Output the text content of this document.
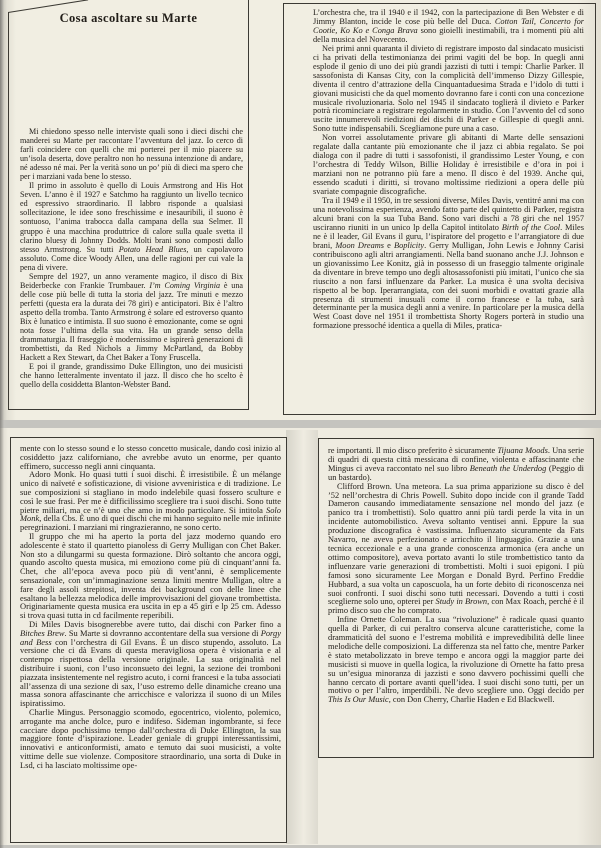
Cosa ascoltare su Marte

Mi chiedono spesso nelle interviste quali sono i dieci dischi che manderei su Marte per raccontare l’avventura del jazz. Io cerco di farli coincidere con quelli che mi porterei per il mio piacere su un’isola deserta, dove peraltro non ho nessuna intenzione di andare, né adesso né mai. Per la verità sono un po’ più di dieci ma spero che per i marziani vada bene lo stesso.

Il primo in assoluto è quello di Louis Armstrong and His Hot Seven. L’anno è il 1927 e Satchmo ha raggiunto un livello tecnico ed espressivo straordinario. Il labbro risponde a qualsiasi sollecitazione, le idee sono freschissime e inesauribili, il suono è sontuoso, l’anima trabocca dalla campana della sua Selmer. Il gruppo è una macchina produttrice di calore sulla quale svetta il clarino bluesy di Johnny Dodds. Molti brani sono composti dallo stesso Armstrong. Su tutti Potato Head Blues, un capolavoro assoluto. Come dice Woody Allen, una delle ragioni per cui vale la pena di vivere.

Sempre del 1927, un anno veramente magico, il disco di Bix Beiderbecke con Frankie Trumbauer. I’m Coming Virginia è una delle cose più belle di tutta la storia del jazz. Tre minuti e mezzo perfetti (questa era la durata dei 78 giri) e anticipatori. Bix è l’altro aspetto della tromba. Tanto Armstrong è solare ed estroverso quanto Bix è lunatico e intimista. Il suo suono è emozionante, come se ogni nota fosse l’ultima della sua vita. Ha un grande senso della drammaturgia. Il fraseggio è modernissimo e ispirerà generazioni di trombettisti, da Red Nichols a Jimmy McPartland, da Bobby Hackett a Rex Stewart, da Chet Baker a Tony Fruscella.

E poi il grande, grandissimo Duke Ellington, uno dei musicisti che hanno letteralmente inventato il jazz. Il disco che ho scelto è quello della cosiddetta Blanton-Webster Band.

L’orchestra che, tra il 1940 e il 1942, con la partecipazione di Ben Webster e di Jimmy Blanton, incide le cose più belle del Duca. Cotton Tail, Concerto for Cootie, Ko Ko e Conga Brava sono gioielli inestimabili, tra i momenti più alti della musica del Novecento.

Nei primi anni quaranta il divieto di registrare imposto dal sindacato musicisti ci ha privati della testimonianza dei primi vagiti del be bop. In quegli anni esplode il genio di uno dei più grandi jazzisti di tutti i tempi: Charlie Parker. Il sassofonista di Kansas City, con la complicità dell’immenso Dizzy Gillespie, diventa il centro d’attrazione della Cinquantaduesima Strada e l’idolo di tutti i giovani musicisti che da quel momento dovranno fare i conti con una concezione musicale rivoluzionaria. Solo nel 1945 il sindacato toglierà il divieto e Parker potrà ricominciare a registrare regolarmente in studio. Con l’avvento del cd sono uscite innumerevoli riedizioni dei dischi di Parker e Gillespie di quegli anni. Sono tutte indispensabili. Scegliamone pure una a caso.

Non vorrei assolutamente privare gli abitanti di Marte delle sensazioni regalate dalla cantante più emozionante che il jazz ci abbia regalato. Se poi dialoga con il padre di tutti i sassofonisti, il grandissimo Lester Young, e con l’orchestra di Teddy Wilson, Billie Holiday è irresistibile e d’ora in poi i marziani non ne potranno più fare a meno. Il disco è del 1939. Anche qui, essendo scaduti i diritti, si trovano moltissime riedizioni a opera delle più svariate compagnie discografiche.

Tra il 1949 e il 1950, in tre sessioni diverse, Miles Davis, ventitré anni ma con una notevolissima esperienza, avendo fatto parte del quintetto di Parker, registra alcuni brani con la sua Tuba Band. Sono vari dischi a 78 giri che nel 1957 usciranno riuniti in un unico lp della Capitol intitolato Birth of the Cool. Miles ne è il leader, Gil Evans il guru, l’ispiratore del progetto e l’arrangiatore di due brani, Moon Dreams e Boplicity. Gerry Mulligan, John Lewis e Johnny Carisi contribuiscono agli altri arrangiamenti. Nella band suonano anche J.J. Johnson e un giovanissimo Lee Konitz, già in possesso di un fraseggio talmente originale da diventare in breve tempo uno degli altosassofonisti più imitati, l’unico che sia riuscito a non farsi influenzare da Parker. La musica è una svolta decisiva rispetto al be bop. Iperarrangiata, con dei suoni morbidi e ovattati grazie alla presenza di strumenti inusuali come il corno francese e la tuba, sarà determinante per la musica degli anni a venire. In particolare per la musica della West Coast dove nel 1951 il trombettista Shorty Rogers porterà in studio una formazione pressoché identica a quella di Miles, pratica-

mente con lo stesso sound e lo stesso concetto musicale, dando così inizio al cosiddetto jazz californiano, che avrebbe avuto un enorme, per quanto effimero, successo negli anni cinquanta.

Adoro Monk. Ho quasi tutti i suoi dischi. È irresistibile. È un mélange unico di naïveté e sofisticazione, di visione avveniristica e di tradizione. Le sue composizioni si stagliano in modo indelebile quasi fossero sculture e così le sue frasi. Per me è difficilissimo scegliere tra i suoi dischi. Sono tutte pietre miliari, ma ce n’è uno che amo in modo particolare. Si intitola Solo Monk, della Cbs. È uno di quei dischi che mi hanno seguito nelle mie infinite peregrinazioni. I marziani mi ringrazieranno, ne sono certo.

Il gruppo che mi ha aperto la porta del jazz moderno quando ero adolescente è stato il quartetto pianoless di Gerry Mulligan con Chet Baker. Non sto a dilungarmi su questa formazione. Dirò soltanto che ancora oggi, quando ascolto questa musica, mi emoziono come più di cinquant’anni fa. Chet, che all’epoca aveva poco più di vent’anni, è semplicemente sensazionale, con un’immaginazione senza limiti mentre Mulligan, oltre a fare degli assoli strepitosi, inventa dei background con delle linee che esaltano la bellezza melodica delle improvvisazioni del giovane trombettista. Originariamente questa musica era uscita in ep a 45 giri e lp 25 cm. Adesso si trova quasi tutta in cd facilmente reperibili.

Di Miles Davis bisognerebbe avere tutto, dai dischi con Parker fino a Bitches Brew. Su Marte si dovranno accontentare della sua versione di Porgy and Bess con l’orchestra di Gil Evans. È un disco stupendo, assoluto. La versione che ci dà Evans di questa meravigliosa opera è visionaria e al contempo rispettosa della versione originale. La sua originalità nel distribuire i suoni, con l’uso inconsueto dei legni, la sezione dei tromboni piazzata insistentemente nel registro acuto, i corni francesi e la tuba associati all’assenza di una sezione di sax, l’uso estremo delle dinamiche creano una massa sonora affascinante che arricchisce e valorizza il suono di un Miles ispiratissimo.

Charlie Mingus. Personaggio scomodo, egocentrico, violento, polemico, arrogante ma anche dolce, puro e indifeso. Sideman ingombrante, si fece cacciare dopo pochissimo tempo dall’orchestra di Duke Ellington, la sua maggiore fonte d’ispirazione. Leader geniale di gruppi interessantissimi, innovativi e anticonformisti, amato e temuto dai suoi musicisti, a volte vittime delle sue violenze. Compositore straordinario, una sorta di Duke in Lsd, ci ha lasciato moltissime ope-

re importanti. Il mio disco preferito è sicuramente Tijuana Moods. Una serie di quadri di questa città messicana di confine, violenta e affascinante che Mingus ci aveva raccontato nel suo libro Beneath the Underdog (Peggio di un bastardo).

Clifford Brown. Una meteora. La sua prima apparizione su disco è del ’52 nell’orchestra di Chris Powell. Subito dopo incide con il grande Tadd Dameron causando immediatamente sensazione nel mondo del jazz (e panico tra i trombettisti). Solo quattro anni più tardi perde la vita in un incidente automobilistico. Aveva soltanto ventisei anni. Eppure la sua produzione discografica è vastissima. Influenzato sicuramente da Fats Navarro, ne aveva perfezionato e arricchito il linguaggio. Grazie a una tecnica eccezionale e a una grande conoscenza armonica (era anche un ottimo compositore), aveva portato avanti lo stile trombettistico tanto da influenzare varie generazioni di trombettisti. Molti i suoi epigoni. I più famosi sono sicuramente Lee Morgan e Donald Byrd. Perfino Freddie Hubbard, a sua volta un caposcuola, ha un forte debito di riconoscenza nei suoi confronti. I suoi dischi sono tutti necessari. Dovendo a tutti i costi sceglierne solo uno, opterei per Study in Brown, con Max Roach, perché è il primo disco suo che ho comprato.

Infine Ornette Coleman. La sua “rivoluzione” è radicale quasi quanto quella di Parker, di cui peraltro conserva alcune caratteristiche, come la drammaticità del suono e l’estrema mobilità e imprevedibilità delle linee melodiche delle composizioni. La differenza sta nel fatto che, mentre Parker è stato metabolizzato in breve tempo e ancora oggi la maggior parte dei musicisti si muove in quella logica, la rivoluzione di Ornette ha fatto presa su un’esigua minoranza di jazzisti e sono davvero pochissimi quelli che hanno cercato di portare avanti quell’idea. I suoi dischi sono tutti, per un motivo o per l’altro, imperdibili. Ne devo scegliere uno. Oggi decido per This Is Our Music, con Don Cherry, Charlie Haden e Ed Blackwell.
